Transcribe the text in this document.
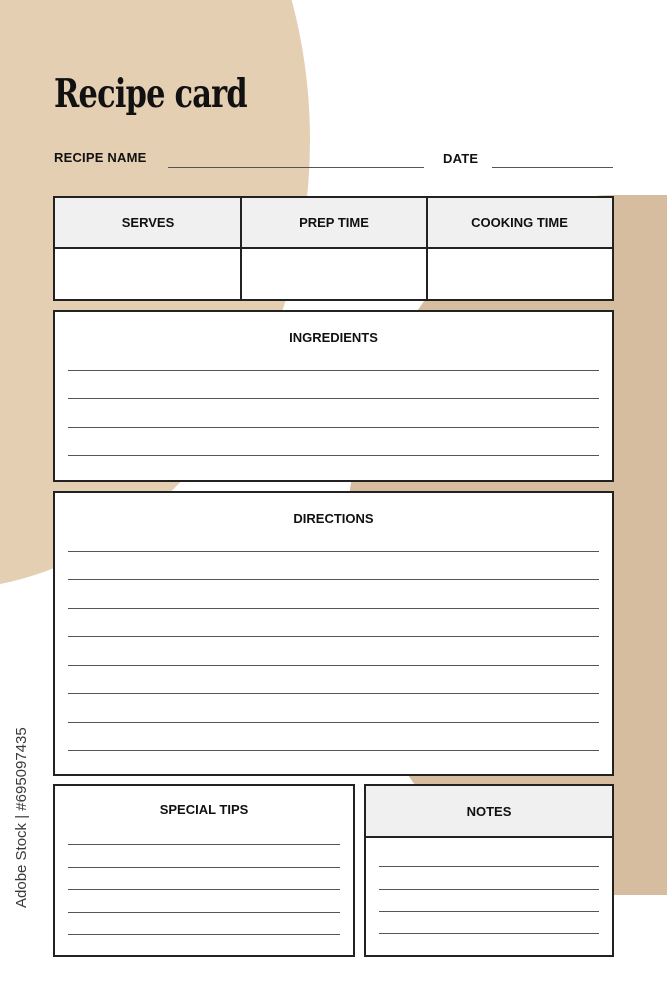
Recipe card
RECIPE NAME	DATE
SERVES	PREP TIME	COOKING TIME
INGREDIENTS
DIRECTIONS
SPECIAL TIPS	NOTES
Adobe Stock | #695097435
